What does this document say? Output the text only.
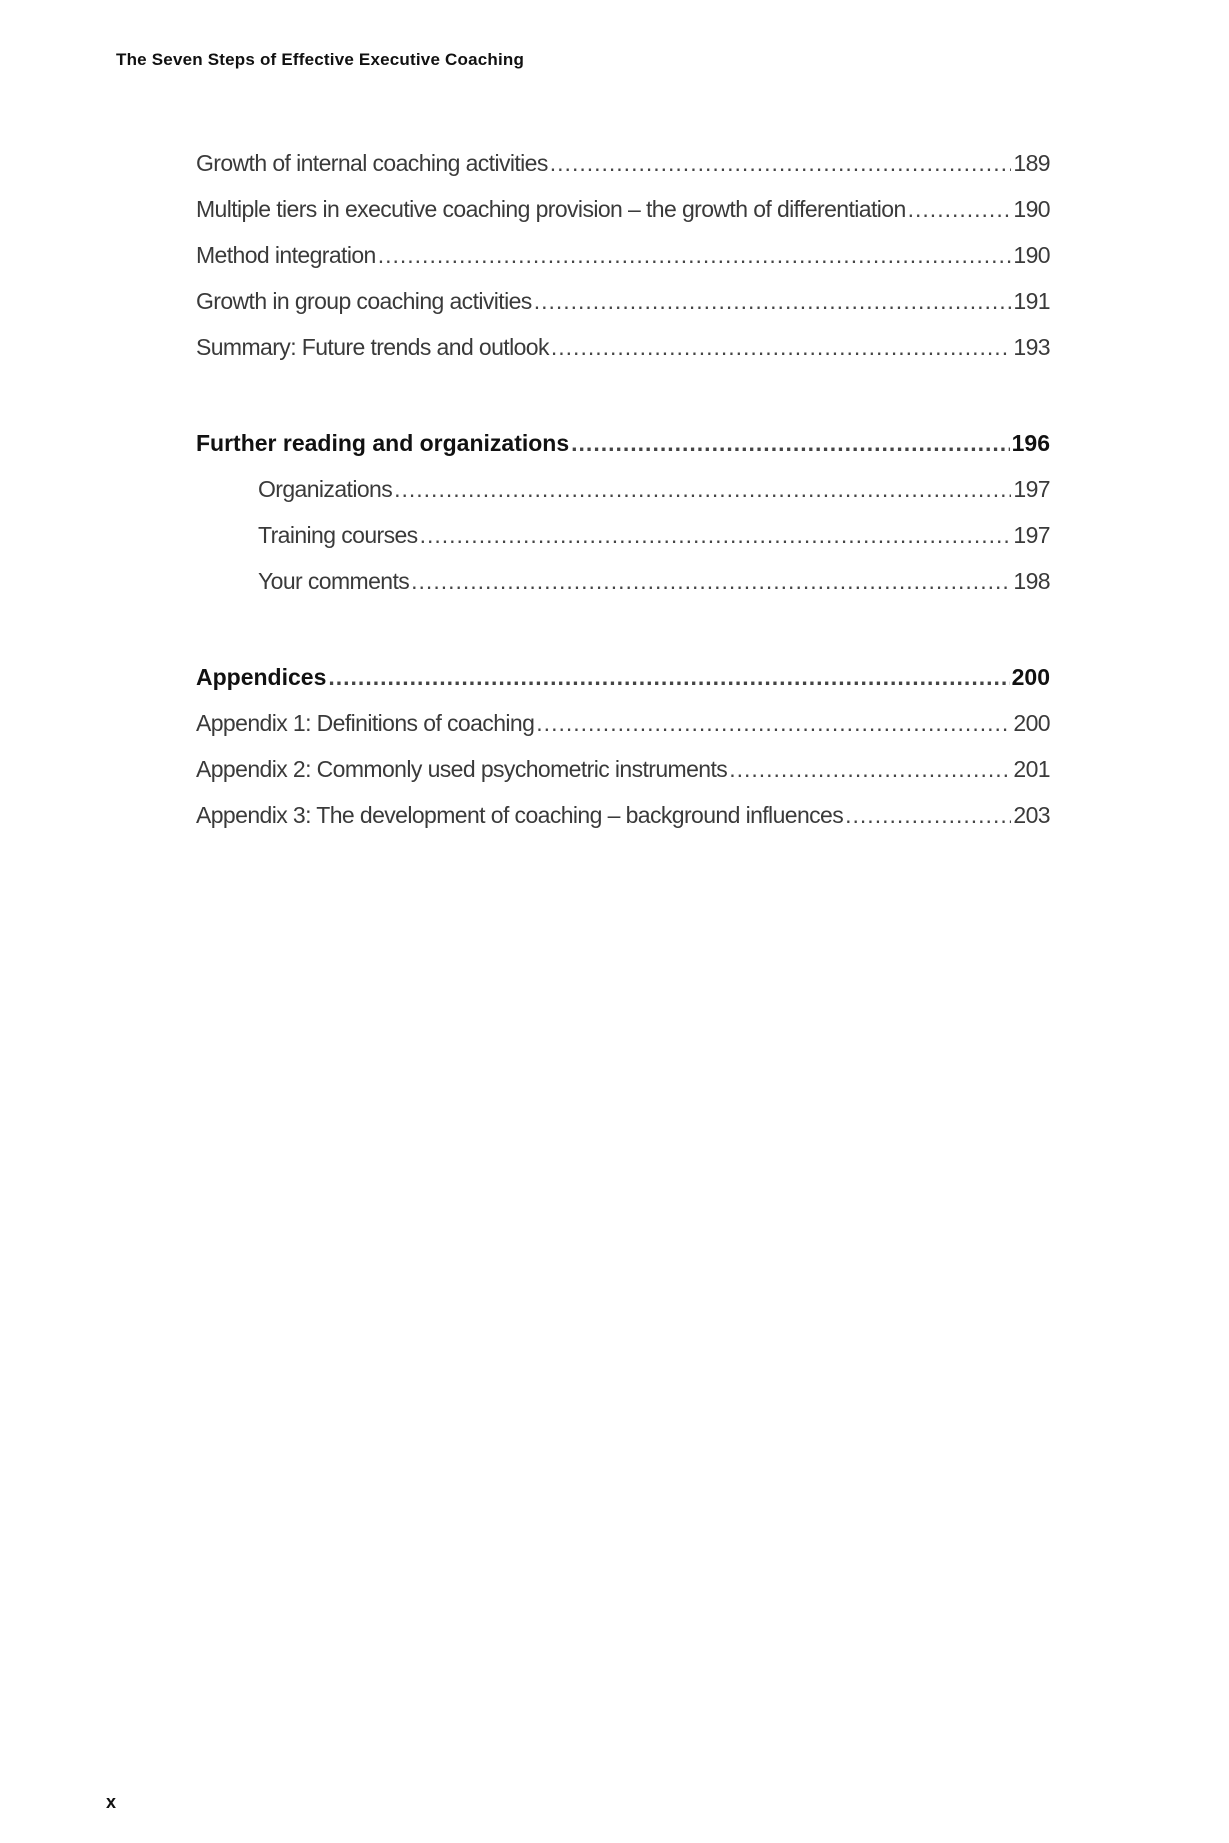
The Seven Steps of Effective Executive Coaching
Growth of internal coaching activities .....	189
Multiple tiers in executive coaching provision – the growth of differentiation .....	190
Method integration .....	190
Growth in group coaching activities .....	191
Summary: Future trends and outlook .....	193
Further reading and organizations .....	196
Organizations .....	197
Training courses .....	197
Your comments .....	198
Appendices .....	200
Appendix 1: Definitions of coaching .....	200
Appendix 2: Commonly used psychometric instruments .....	201
Appendix 3: The development of coaching – background influences .....	203
x
